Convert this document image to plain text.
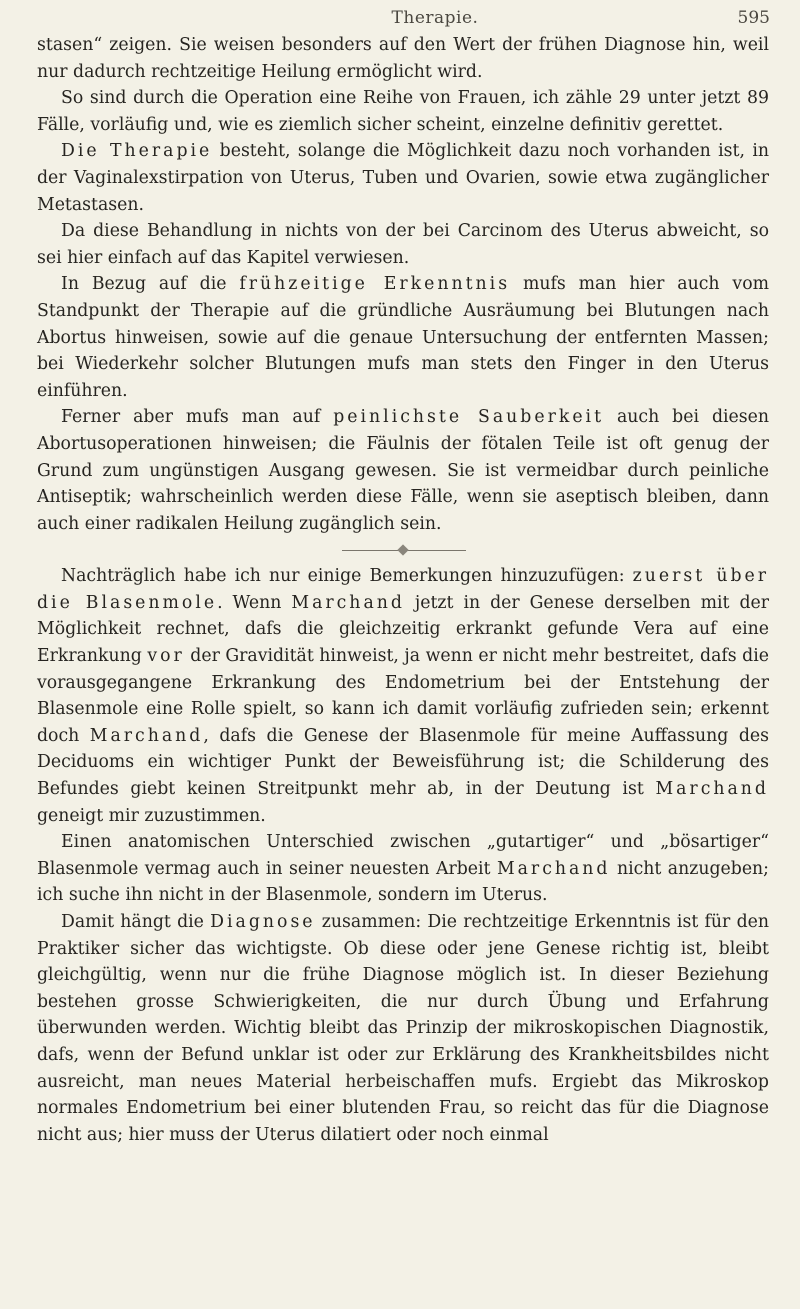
Therapie.	595

stasen“ zeigen. Sie weisen besonders auf den Wert der frühen Diagnose hin, weil nur dadurch rechtzeitige Heilung ermöglicht wird.

So sind durch die Operation eine Reihe von Frauen, ich zähle 29 unter jetzt 89 Fälle, vorläufig und, wie es ziemlich sicher scheint, einzelne definitiv gerettet.

Die Therapie besteht, solange die Möglichkeit dazu noch vorhanden ist, in der Vaginalexstirpation von Uterus, Tuben und Ovarien, sowie etwa zugänglicher Metastasen.

Da diese Behandlung in nichts von der bei Carcinom des Uterus abweicht, so sei hier einfach auf das Kapitel verwiesen.

In Bezug auf die frühzeitige Erkenntnis mufs man hier auch vom Standpunkt der Therapie auf die gründliche Ausräumung bei Blutungen nach Abortus hinweisen, sowie auf die genaue Untersuchung der entfernten Massen; bei Wiederkehr solcher Blutungen mufs man stets den Finger in den Uterus einführen.

Ferner aber mufs man auf peinlichste Sauberkeit auch bei diesen Abortusoperationen hinweisen; die Fäulnis der fötalen Teile ist oft genug der Grund zum ungünstigen Ausgang gewesen. Sie ist vermeidbar durch peinliche Antiseptik; wahrscheinlich werden diese Fälle, wenn sie aseptisch bleiben, dann auch einer radikalen Heilung zugänglich sein.

Nachträglich habe ich nur einige Bemerkungen hinzuzufügen: zuerst über die Blasenmole. Wenn Marchand jetzt in der Genese derselben mit der Möglichkeit rechnet, dafs die gleichzeitig erkrankt gefunde Vera auf eine Erkrankung vor der Gravidität hinweist, ja wenn er nicht mehr bestreitet, dafs die vorausgegangene Erkrankung des Endometrium bei der Entstehung der Blasenmole eine Rolle spielt, so kann ich damit vorläufig zufrieden sein; erkennt doch Marchand, dafs die Genese der Blasenmole für meine Auffassung des Deciduoms ein wichtiger Punkt der Beweisführung ist; die Schilderung des Befundes giebt keinen Streitpunkt mehr ab, in der Deutung ist Marchand geneigt mir zuzustimmen.

Einen anatomischen Unterschied zwischen „gutartiger“ und „bösartiger“ Blasenmole vermag auch in seiner neuesten Arbeit Marchand nicht anzugeben; ich suche ihn nicht in der Blasenmole, sondern im Uterus.

Damit hängt die Diagnose zusammen: Die rechtzeitige Erkenntnis ist für den Praktiker sicher das wichtigste. Ob diese oder jene Genese richtig ist, bleibt gleichgültig, wenn nur die frühe Diagnose möglich ist. In dieser Beziehung bestehen grosse Schwierigkeiten, die nur durch Übung und Erfahrung überwunden werden. Wichtig bleibt das Prinzip der mikroskopischen Diagnostik, dafs, wenn der Befund unklar ist oder zur Erklärung des Krankheitsbildes nicht ausreicht, man neues Material herbeischaffen mufs. Ergiebt das Mikroskop normales Endometrium bei einer blutenden Frau, so reicht das für die Diagnose nicht aus; hier muss der Uterus dilatiert oder noch einmal
